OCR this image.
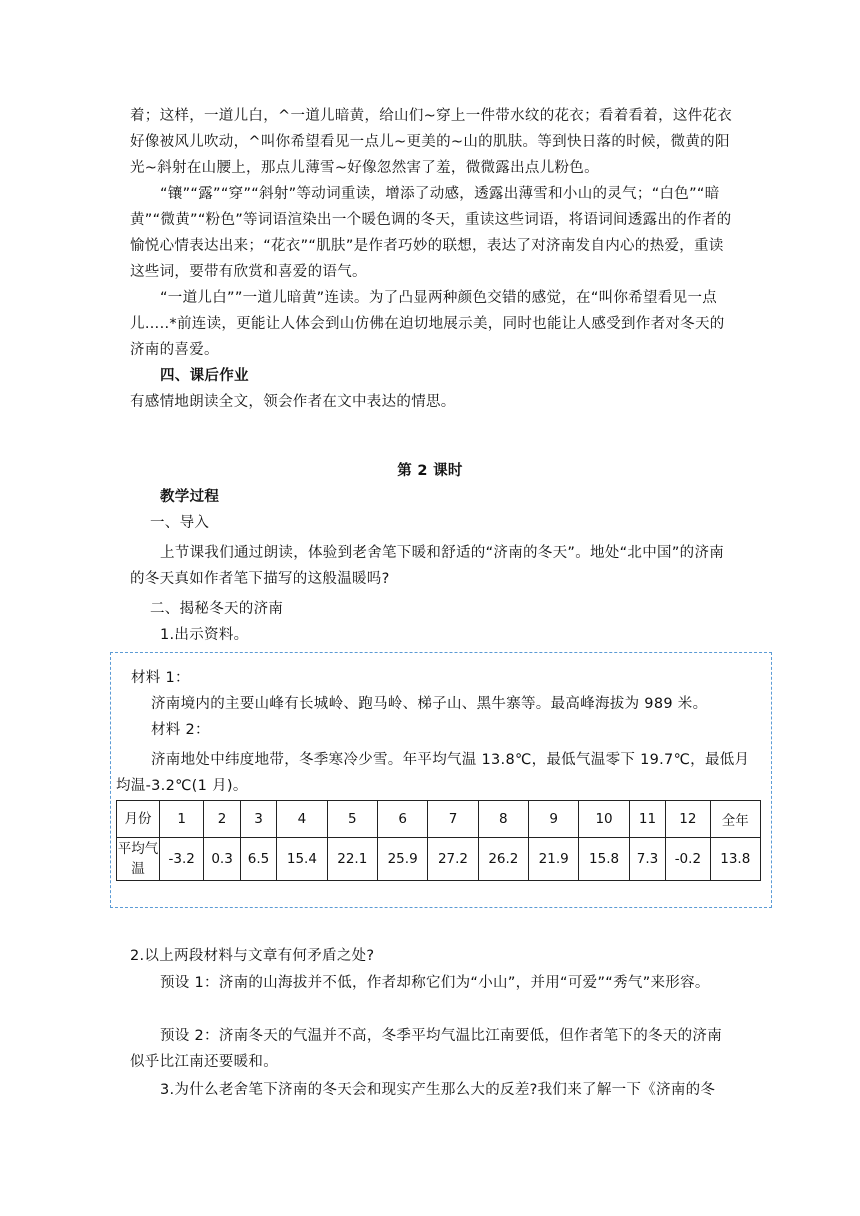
着；这样，一道儿白，^一道儿暗黄，给山们~穿上一件带水纹的花衣；看着看着，这件花衣好像被风儿吹动，^叫你希望看见一点儿~更美的~山的肌肤。等到快日落的时候，微黄的阳光~斜射在山腰上，那点儿薄雪~好像忽然害了羞，微微露出点儿粉色。

“镶”“露”“穿”“斜射”等动词重读，增添了动感，透露出薄雪和小山的灵气；“白色”“暗黄”“微黄”“粉色”等词语渲染出一个暖色调的冬天，重读这些词语，将语词间透露出的作者的愉悦心情表达出来；“花衣”“肌肤”是作者巧妙的联想，表达了对济南发自内心的热爱，重读这些词，要带有欣赏和喜爱的语气。

“一道儿白””一道儿暗黄”连读。为了凸显两种颜色交错的感觉，在“叫你希望看见一点儿…..*前连读，更能让人体会到山仿佛在迫切地展示美，同时也能让人感受到作者对冬天的济南的喜爱。

四、课后作业

有感情地朗读全文，领会作者在文中表达的情思。

第 2 课时

教学过程

一、导入

上节课我们通过朗读，体验到老舍笔下暖和舒适的“济南的冬天”。地处“北中国”的济南的冬天真如作者笔下描写的这般温暖吗?

二、揭秘冬天的济南

1.出示资料。

材料 1：

济南境内的主要山峰有长城岭、跑马岭、梯子山、黑牛寨等。最高峰海拔为 989 米。

材料 2：

济南地处中纬度地带，冬季寒冷少雪。年平均气温 13.8℃，最低气温零下 19.7℃，最低月均温-3.2℃(1 月)。

月份	1	2	3	4	5	6	7	8	9	10	11	12	全年
平均气温	-3.2	0.3	6.5	15.4	22.1	25.9	27.2	26.2	21.9	15.8	7.3	-0.2	13.8

2.以上两段材料与文章有何矛盾之处?

预设 1：济南的山海拔并不低，作者却称它们为“小山”，并用“可爱”“秀气”来形容。

预设 2：济南冬天的气温并不高，冬季平均气温比江南要低，但作者笔下的冬天的济南似乎比江南还要暖和。

3.为什么老舍笔下济南的冬天会和现实产生那么大的反差?我们来了解一下《济南的冬
